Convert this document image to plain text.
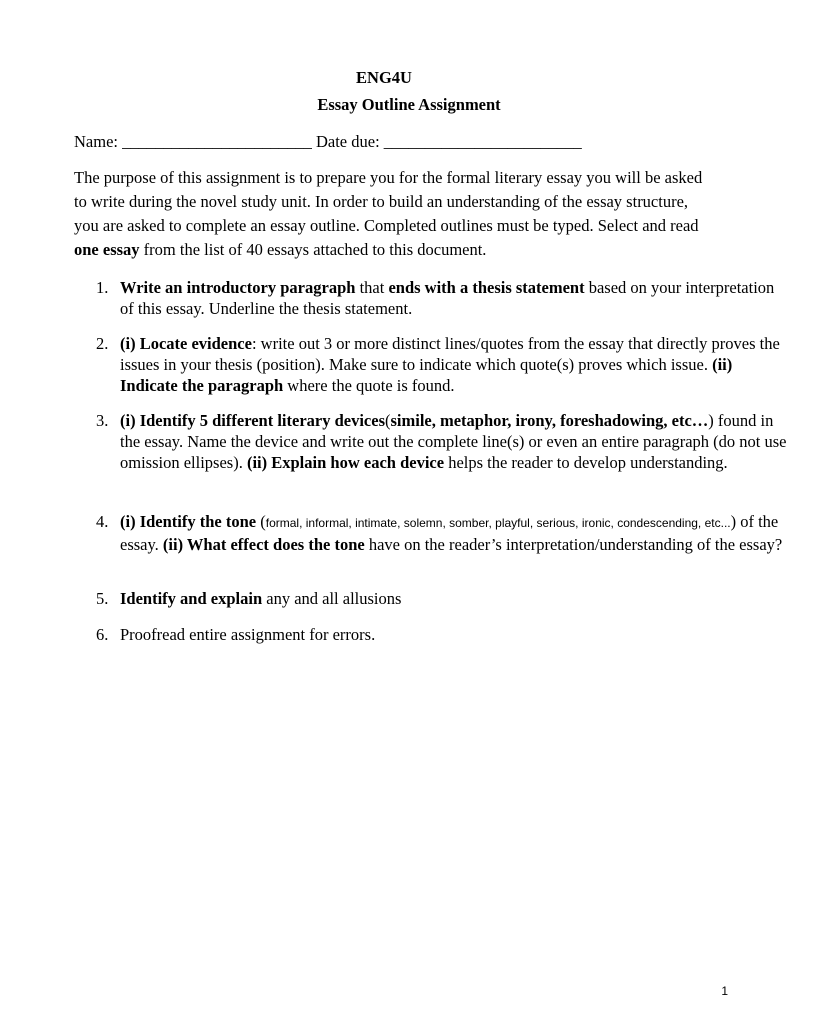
ENG4U
Essay Outline Assignment
Name: _______________________ Date due: ________________________
The purpose of this assignment is to prepare you for the formal literary essay you will be asked to write during the novel study unit. In order to build an understanding of the essay structure, you are asked to complete an essay outline. Completed outlines must be typed. Select and read one essay from the list of 40 essays attached to this document.
1. Write an introductory paragraph that ends with a thesis statement based on your interpretation of this essay. Underline the thesis statement.
2. (i) Locate evidence: write out 3 or more distinct lines/quotes from the essay that directly proves the issues in your thesis (position). Make sure to indicate which quote(s) proves which issue. (ii) Indicate the paragraph where the quote is found.
3. (i) Identify 5 different literary devices(simile, metaphor, irony, foreshadowing, etc…) found in the essay. Name the device and write out the complete line(s) or even an entire paragraph (do not use omission ellipses). (ii) Explain how each device helps the reader to develop understanding.
4. (i) Identify the tone (formal, informal, intimate, solemn, somber, playful, serious, ironic, condescending, etc...) of the essay. (ii) What effect does the tone have on the reader’s interpretation/understanding of the essay?
5. Identify and explain any and all allusions
6. Proofread entire assignment for errors.
1
